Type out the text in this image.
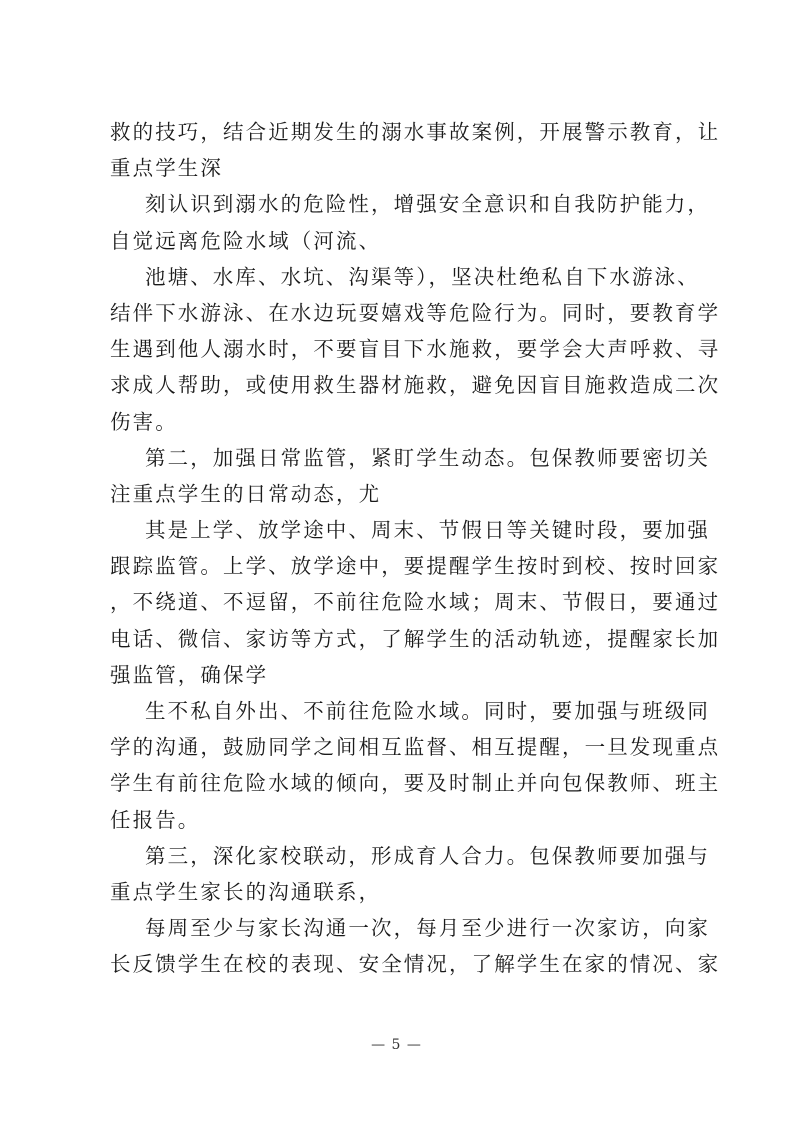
救的技巧，结合近期发生的溺水事故案例，开展警示教育，让
重点学生深
刻认识到溺水的危险性，增强安全意识和自我防护能力，
自觉远离危险水域（河流、
池塘、水库、水坑、沟渠等），坚决杜绝私自下水游泳、
结伴下水游泳、在水边玩耍嬉戏等危险行为。同时，要教育学
生遇到他人溺水时，不要盲目下水施救，要学会大声呼救、寻
求成人帮助，或使用救生器材施救，避免因盲目施救造成二次
伤害。
第二，加强日常监管，紧盯学生动态。包保教师要密切关
注重点学生的日常动态，尤
其是上学、放学途中、周末、节假日等关键时段，要加强
跟踪监管。上学、放学途中，要提醒学生按时到校、按时回家
，不绕道、不逗留，不前往危险水域；周末、节假日，要通过
电话、微信、家访等方式，了解学生的活动轨迹，提醒家长加
强监管，确保学
生不私自外出、不前往危险水域。同时，要加强与班级同
学的沟通，鼓励同学之间相互监督、相互提醒，一旦发现重点
学生有前往危险水域的倾向，要及时制止并向包保教师、班主
任报告。
第三，深化家校联动，形成育人合力。包保教师要加强与
重点学生家长的沟通联系，
每周至少与家长沟通一次，每月至少进行一次家访，向家
长反馈学生在校的表现、安全情况，了解学生在家的情况、家
— 5 —
